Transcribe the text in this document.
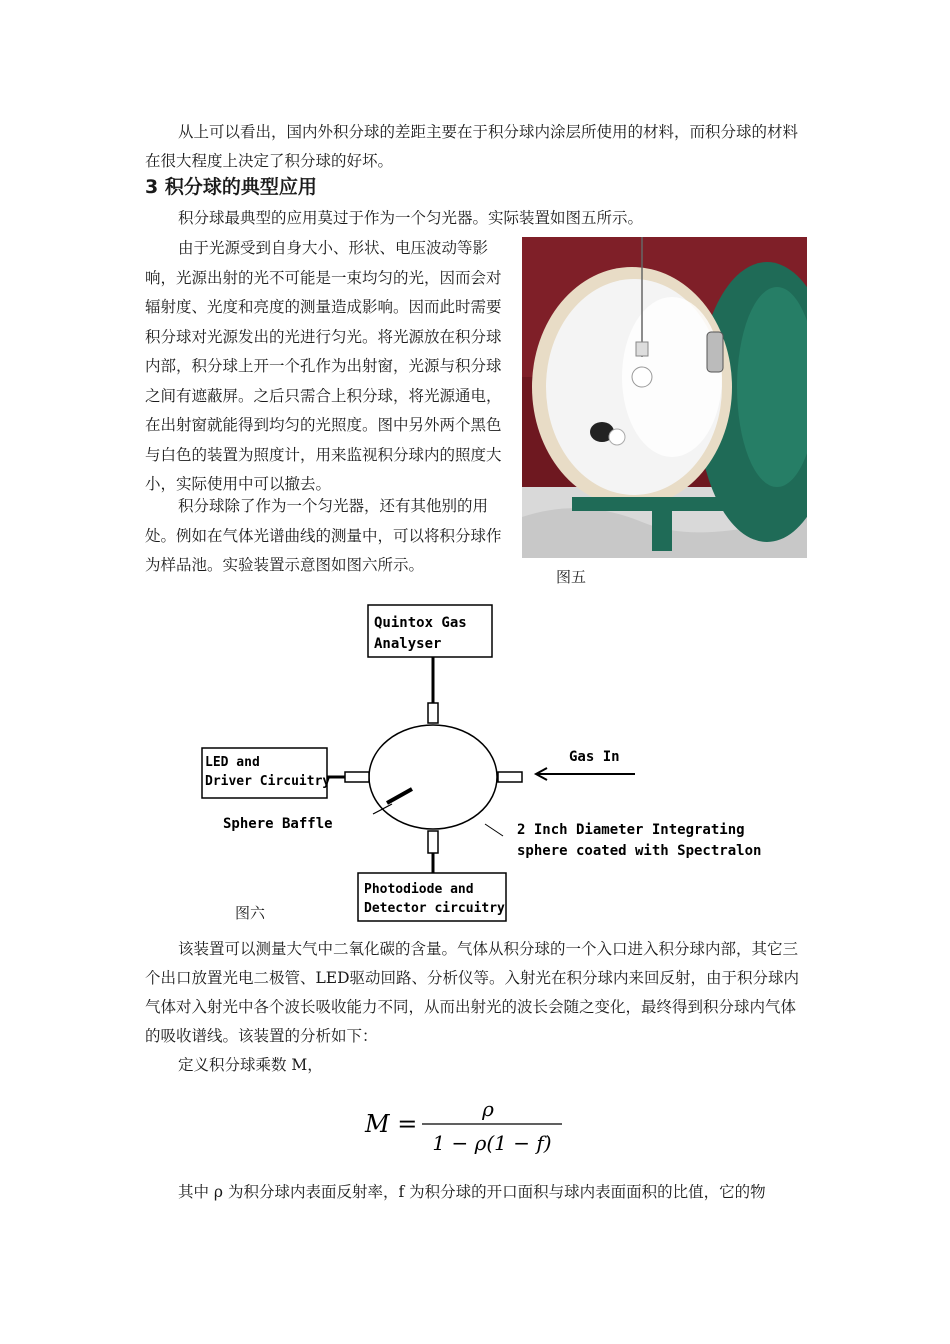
从上可以看出，国内外积分球的差距主要在于积分球内涂层所使用的材料，而积分球的材料在很大程度上决定了积分球的好坏。

3 积分球的典型应用

积分球最典型的应用莫过于作为一个匀光器。实际装置如图五所示。

由于光源受到自身大小、形状、电压波动等影响，光源出射的光不可能是一束均匀的光，因而会对辐射度、光度和亮度的测量造成影响。因而此时需要积分球对光源发出的光进行匀光。将光源放在积分球内部，积分球上开一个孔作为出射窗，光源与积分球之间有遮蔽屏。之后只需合上积分球，将光源通电，在出射窗就能得到均匀的光照度。图中另外两个黑色与白色的装置为照度计，用来监视积分球内的照度大小，实际使用中可以撤去。

积分球除了作为一个匀光器，还有其他别的用处。例如在气体光谱曲线的测量中，可以将积分球作为样品池。实验装置示意图如图六所示。

图五

Quintox Gas
Analyser
LED and
Driver Circuitry
Gas In
Sphere Baffle	2 Inch Diameter Integrating
sphere coated with Spectralon
Photodiode and
Detector circuitry

图六

该装置可以测量大气中二氧化碳的含量。气体从积分球的一个入口进入积分球内部，其它三个出口放置光电二极管、LED驱动回路、分析仪等。入射光在积分球内来回反射，由于积分球内气体对入射光中各个波长吸收能力不同，从而出射光的波长会随之变化，最终得到积分球内气体的吸收谱线。该装置的分析如下：

定义积分球乘数 M，

M =
ρ
1 − ρ(1 − f)

其中 ρ 为积分球内表面反射率，f 为积分球的开口面积与球内表面面积的比值，它的物
